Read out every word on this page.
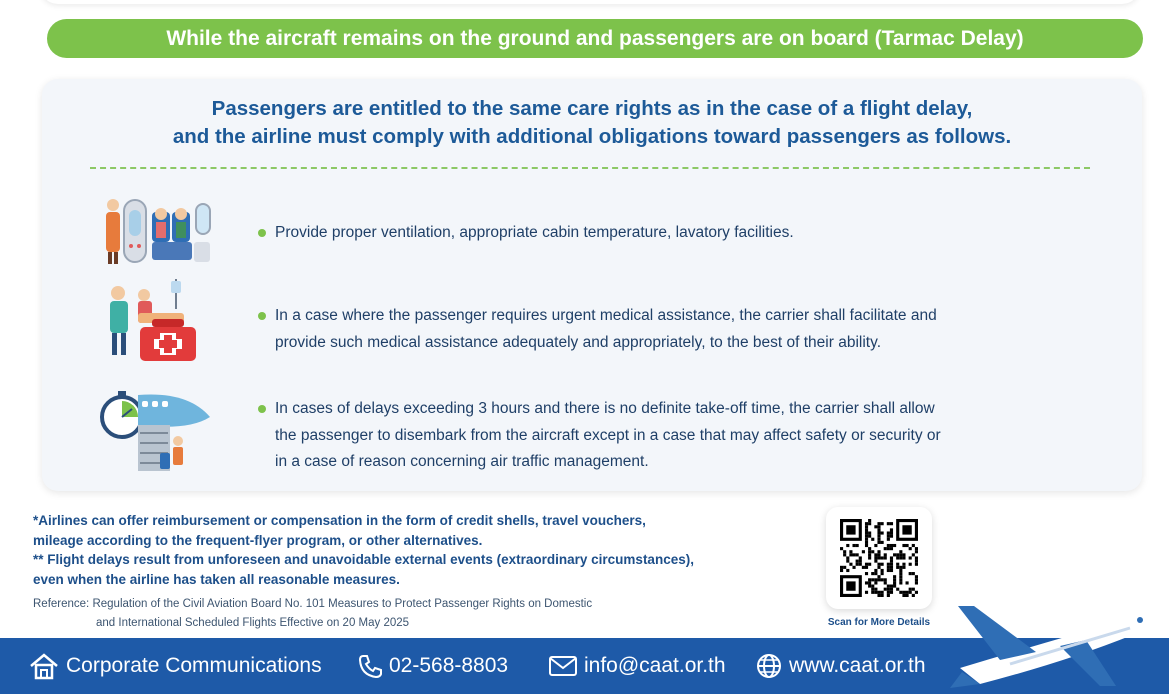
While the aircraft remains on the ground and passengers are on board (Tarmac Delay)
Passengers are entitled to the same care rights as in the case of a flight delay,
and the airline must comply with additional obligations toward passengers as follows.
Provide proper ventilation, appropriate cabin temperature, lavatory facilities.
In a case where the passenger requires urgent medical assistance, the carrier shall facilitate and
provide such medical assistance adequately and appropriately, to the best of their ability.
In cases of delays exceeding 3 hours and there is no definite take-off time, the carrier shall allow
the passenger to disembark from the aircraft except in a case that may affect safety or security or
in a case of reason concerning air traffic management.
*Airlines can offer reimbursement or compensation in the form of credit shells, travel vouchers,
mileage according to the frequent-flyer program, or other alternatives.
** Flight delays result from unforeseen and unavoidable external events (extraordinary circumstances),
even when the airline has taken all reasonable measures.
Reference: Regulation of the Civil Aviation Board No. 101 Measures to Protect Passenger Rights on Domestic
and International Scheduled Flights Effective on 20 May 2025	Scan for More Details
Corporate Communications	02-568-8803	info@caat.or.th	www.caat.or.th
